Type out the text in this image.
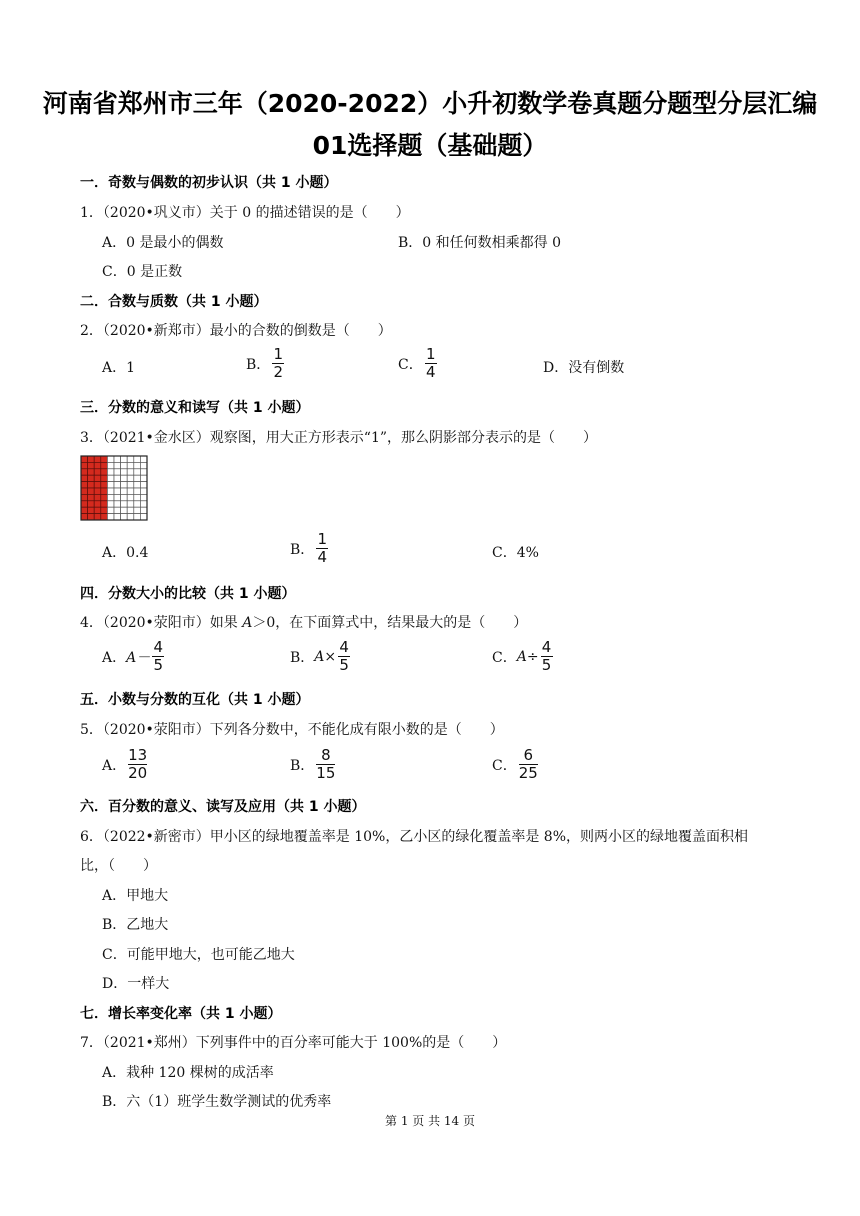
河南省郑州市三年（2020-2022）小升初数学卷真题分题型分层汇编
01选择题（基础题）
一．奇数与偶数的初步认识（共 1 小题）
1．（2020•巩义市）关于 0 的描述错误的是（　　）
A．0 是最小的偶数	B．0 和任何数相乘都得 0
C．0 是正数
二．合数与质数（共 1 小题）
2．（2020•新郑市）最小的合数的倒数是（　　）
A．1	B． $\frac{1}{2}$	C． $\frac{1}{4}$	D．没有倒数
三．分数的意义和读写（共 1 小题）
3．（2021•金水区）观察图，用大正方形表示“1”，那么阴影部分表示的是（　　）
A．0.4	B． $\frac{1}{4}$	C．4%
四．分数大小的比较（共 1 小题）
4．（2020•荥阳市）如果 A＞0，在下面算式中，结果最大的是（　　）
A． $A- \frac{4}{5}$	B． $A\times \frac{4}{5}$	C． $A\div \frac{4}{5}$
五．小数与分数的互化（共 1 小题）
5．（2020•荥阳市）下列各分数中，不能化成有限小数的是（　　）
A． $\frac{13}{20}$	B． $\frac{8}{15}$	C． $\frac{6}{25}$
六．百分数的意义、读写及应用（共 1 小题）
6．（2022•新密市）甲小区的绿地覆盖率是 10%，乙小区的绿化覆盖率是 8%，则两小区的绿地覆盖面积相
比，（　　）
A．甲地大
B．乙地大
C．可能甲地大，也可能乙地大
D．一样大
七．增长率变化率（共 1 小题）
7．（2021•郑州）下列事件中的百分率可能大于 100%的是（　　）
A．栽种 120 棵树的成活率
B．六（1）班学生数学测试的优秀率
第 1 页 共 14 页
